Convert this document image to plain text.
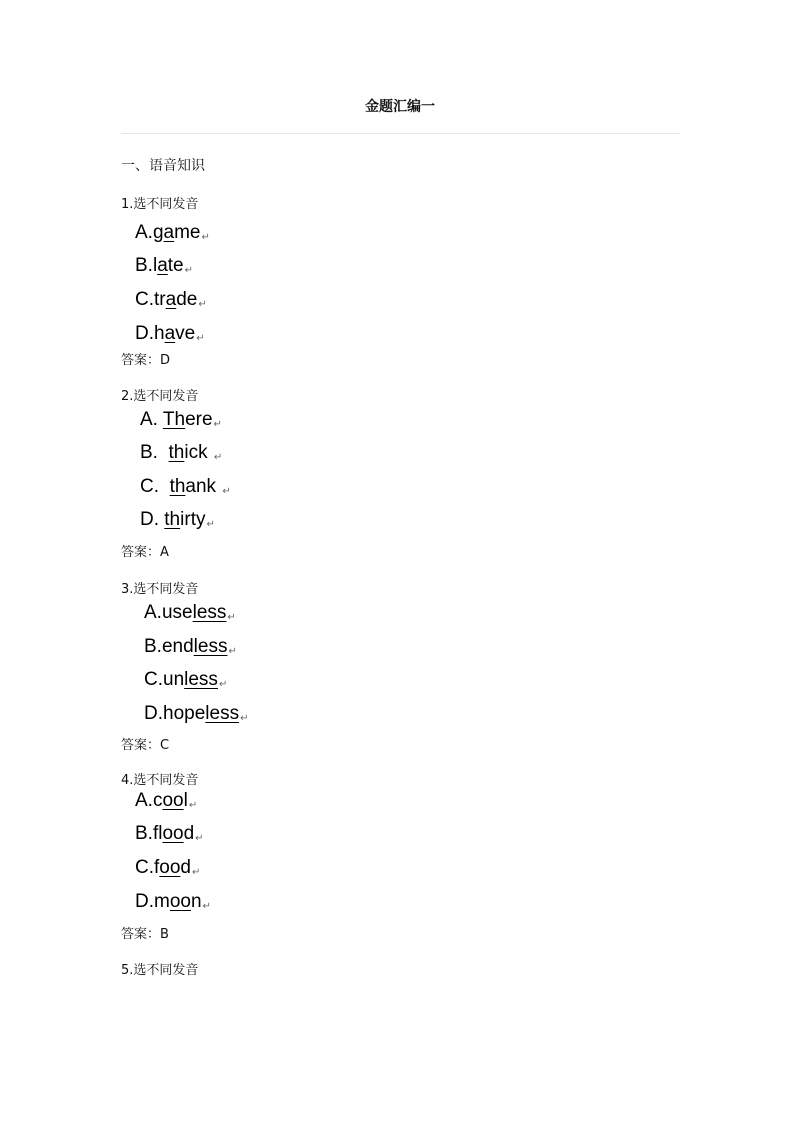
金题汇编一
一、语音知识
1.选不同发音
A.game↵
B.late↵
C.trade↵
D.have↵
答案：D
2.选不同发音
A. There↵
B.  thick ↵
C.  thank ↵
D. thirty↵
答案：A
3.选不同发音
A.useless↵
B.endless↵
C.unless↵
D.hopeless↵
答案：C
4.选不同发音
A.cool↵
B.flood↵
C.food↵
D.moon↵
答案：B
5.选不同发音
